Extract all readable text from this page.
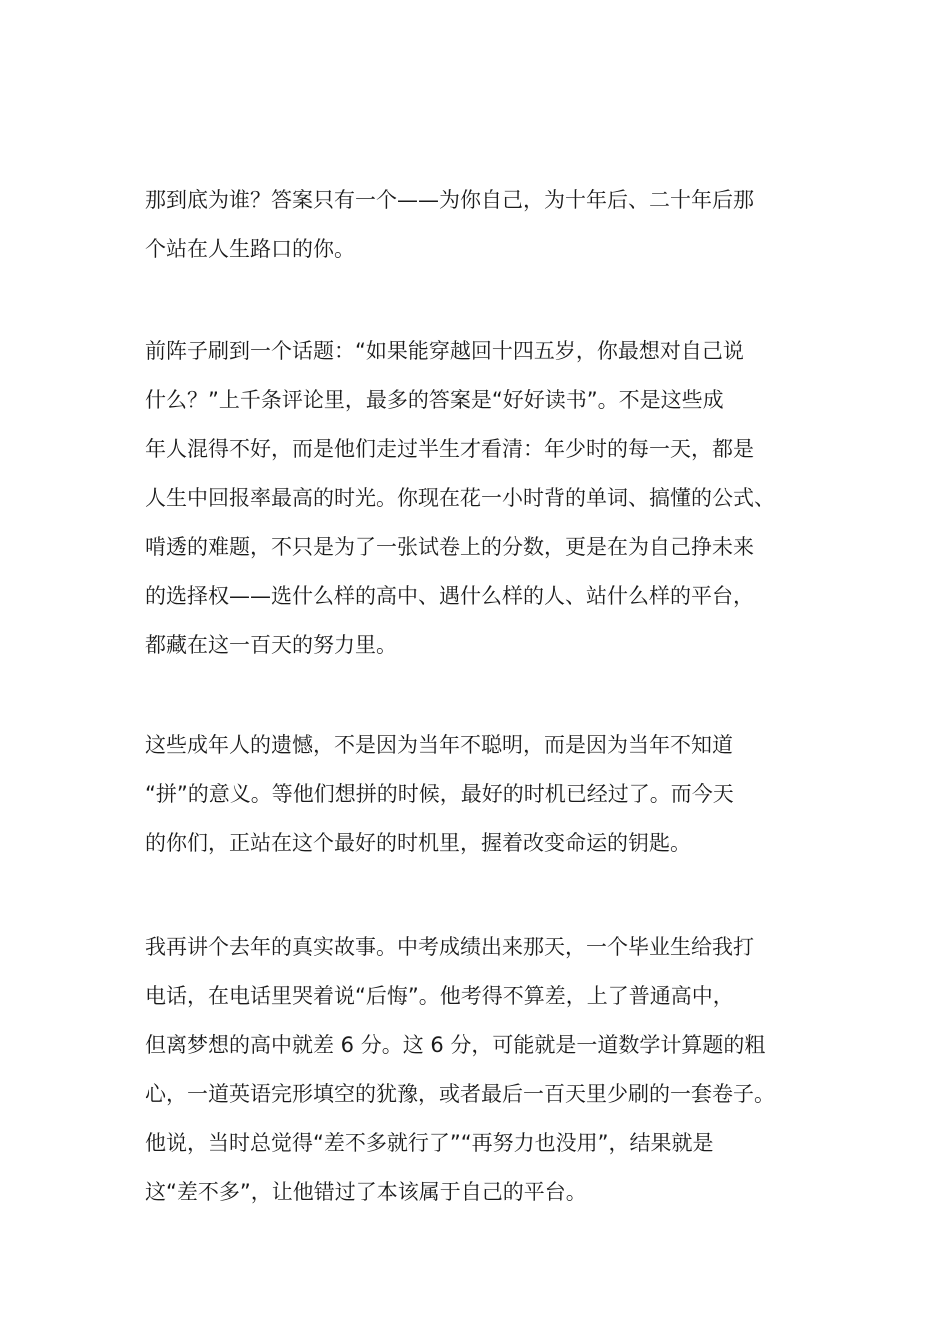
那到底为谁？答案只有一个——为你自己，为十年后、二十年后那
个站在人生路口的你。
前阵子刷到一个话题：“如果能穿越回十四五岁，你最想对自己说
什么？”上千条评论里，最多的答案是“好好读书”。不是这些成
年人混得不好，而是他们走过半生才看清：年少时的每一天，都是
人生中回报率最高的时光。你现在花一小时背的单词、搞懂的公式、
啃透的难题，不只是为了一张试卷上的分数，更是在为自己挣未来
的选择权——选什么样的高中、遇什么样的人、站什么样的平台，
都藏在这一百天的努力里。
这些成年人的遗憾，不是因为当年不聪明，而是因为当年不知道
“拼”的意义。等他们想拼的时候，最好的时机已经过了。而今天
的你们，正站在这个最好的时机里，握着改变命运的钥匙。
我再讲个去年的真实故事。中考成绩出来那天，一个毕业生给我打
电话，在电话里哭着说“后悔”。他考得不算差，上了普通高中，
但离梦想的高中就差 6 分。这 6 分，可能就是一道数学计算题的粗
心，一道英语完形填空的犹豫，或者最后一百天里少刷的一套卷子。
他说，当时总觉得“差不多就行了”“再努力也没用”，结果就是
这“差不多”，让他错过了本该属于自己的平台。
